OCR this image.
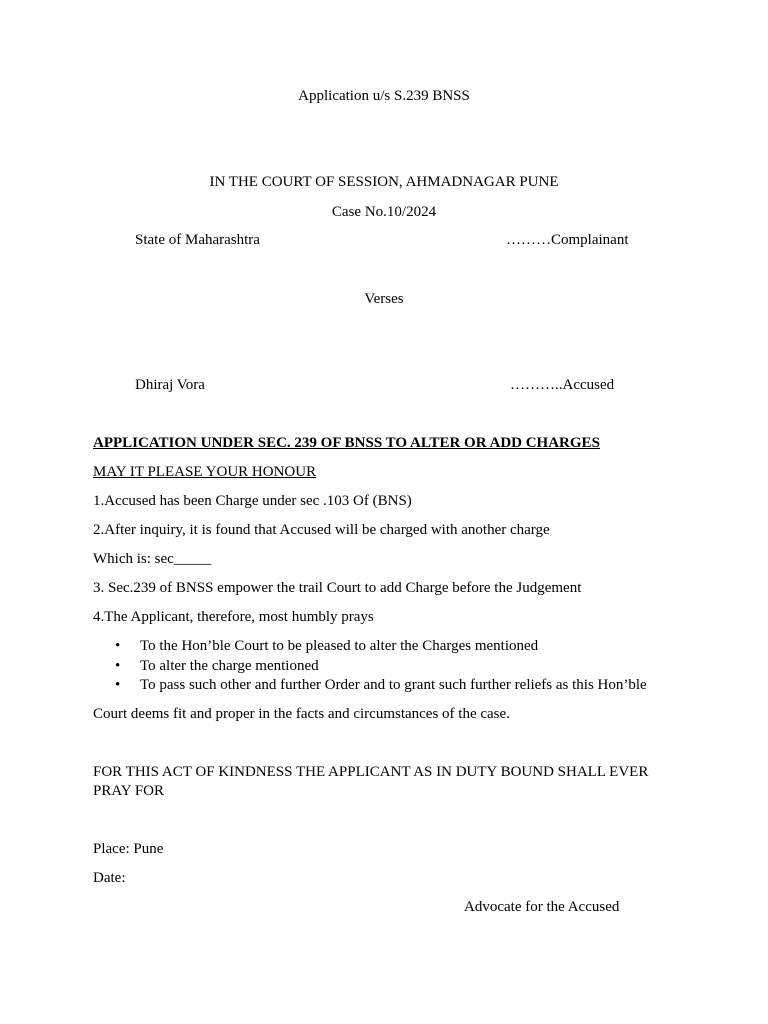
Application u/s S.239 BNSS
IN THE COURT OF SESSION, AHMADNAGAR PUNE
Case No.10/2024
State of Maharashtra	………Complainant
Verses
Dhiraj Vora	………..Accused
APPLICATION UNDER SEC. 239 OF BNSS TO ALTER OR ADD CHARGES
MAY IT PLEASE YOUR HONOUR
1.Accused has been Charge under sec .103 Of (BNS)
2.After inquiry, it is found that Accused will be charged with another charge
Which is: sec_____
3. Sec.239 of BNSS empower the trail Court to add Charge before the Judgement
4.The Applicant, therefore, most humbly prays
• To the Hon’ble Court to be pleased to alter the Charges mentioned
• To alter the charge mentioned
• To pass such other and further Order and to grant such further reliefs as this Hon’ble
Court deems fit and proper in the facts and circumstances of the case.
FOR THIS ACT OF KINDNESS THE APPLICANT AS IN DUTY BOUND SHALL EVER
PRAY FOR
Place: Pune
Date:
Advocate for the Accused
